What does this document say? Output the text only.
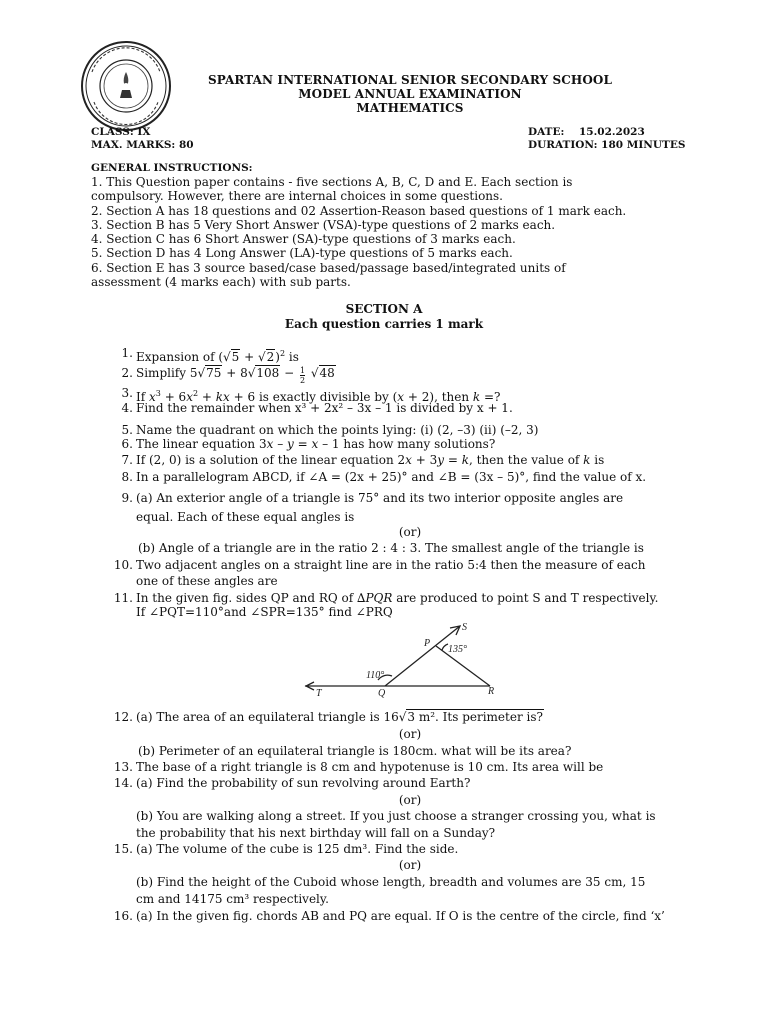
SPARTAN INTERNATIONAL SENIOR SECONDARY SCHOOL
MODEL ANNUAL EXAMINATION
MATHEMATICS
CLASS: IX
MAX. MARKS: 80
DATE:    15.02.2023
DURATION: 180 MINUTES
GENERAL INSTRUCTIONS:
1. This Question paper contains - five sections A, B, C, D and E. Each section is
compulsory. However, there are internal choices in some questions.
2. Section A has 18 questions and 02 Assertion-Reason based questions of 1 mark each.
3. Section B has 5 Very Short Answer (VSA)-type questions of 2 marks each.
4. Section C has 6 Short Answer (SA)-type questions of 3 marks each.
5. Section D has 4 Long Answer (LA)-type questions of 5 marks each.
6. Section E has 3 source based/case based/passage based/integrated units of
assessment (4 marks each) with sub parts.
SECTION A
Each question carries 1 mark
1. Expansion of $(√5 + √2)^2$ is
2. Simplify $5√75 + 8√108 - \frac{1}{2} √48$
3. If $x^3 + 6x^2$ + kx + 6 is exactly divisible by (x + 2), then k =?
4. Find the remainder when x³ + 2x² – 3x – 1 is divided by x + 1.
5. Name the quadrant on which the points lying: (i) (2, –3) (ii) (–2, 3)
6. The linear equation 3x – y = x – 1 has how many solutions?
7. If (2, 0) is a solution of the linear equation 2x + 3y = k, then the value of k is
8. In a parallelogram ABCD, if ∠A = (2x + 25)° and ∠B = (3x – 5)°, find the value of x.
9. (a) An exterior angle of a triangle is 75° and its two interior opposite angles are
equal. Each of these equal angles is
(or)
(b) Angle of a triangle are in the ratio 2 : 4 : 3. The smallest angle of the triangle is
10. Two adjacent angles on a straight line are in the ratio 5:4 then the measure of each
one of these angles are
11. In the given fig. sides QP and RQ of ∆PQR are produced to point S and T respectively.
If ∠PQT=110°and ∠SPR=135° find ∠PRQ
S
P
135°
110°
Q	R
T
12. (a) The area of an equilateral triangle is 16√3 m². Its perimeter is?
(or)
(b) Perimeter of an equilateral triangle is 180cm. what will be its area?
13. The base of a right triangle is 8 cm and hypotenuse is 10 cm. Its area will be
14. (a) Find the probability of sun revolving around Earth?
(or)
(b) You are walking along a street. If you just choose a stranger crossing you, what is
the probability that his next birthday will fall on a Sunday?
15. (a) The volume of the cube is 125 dm³. Find the side.
(or)
(b) Find the height of the Cuboid whose length, breadth and volumes are 35 cm, 15
cm and 14175 cm³ respectively.
16. (a) In the given fig. chords AB and PQ are equal. If O is the centre of the circle, find ‘x’
